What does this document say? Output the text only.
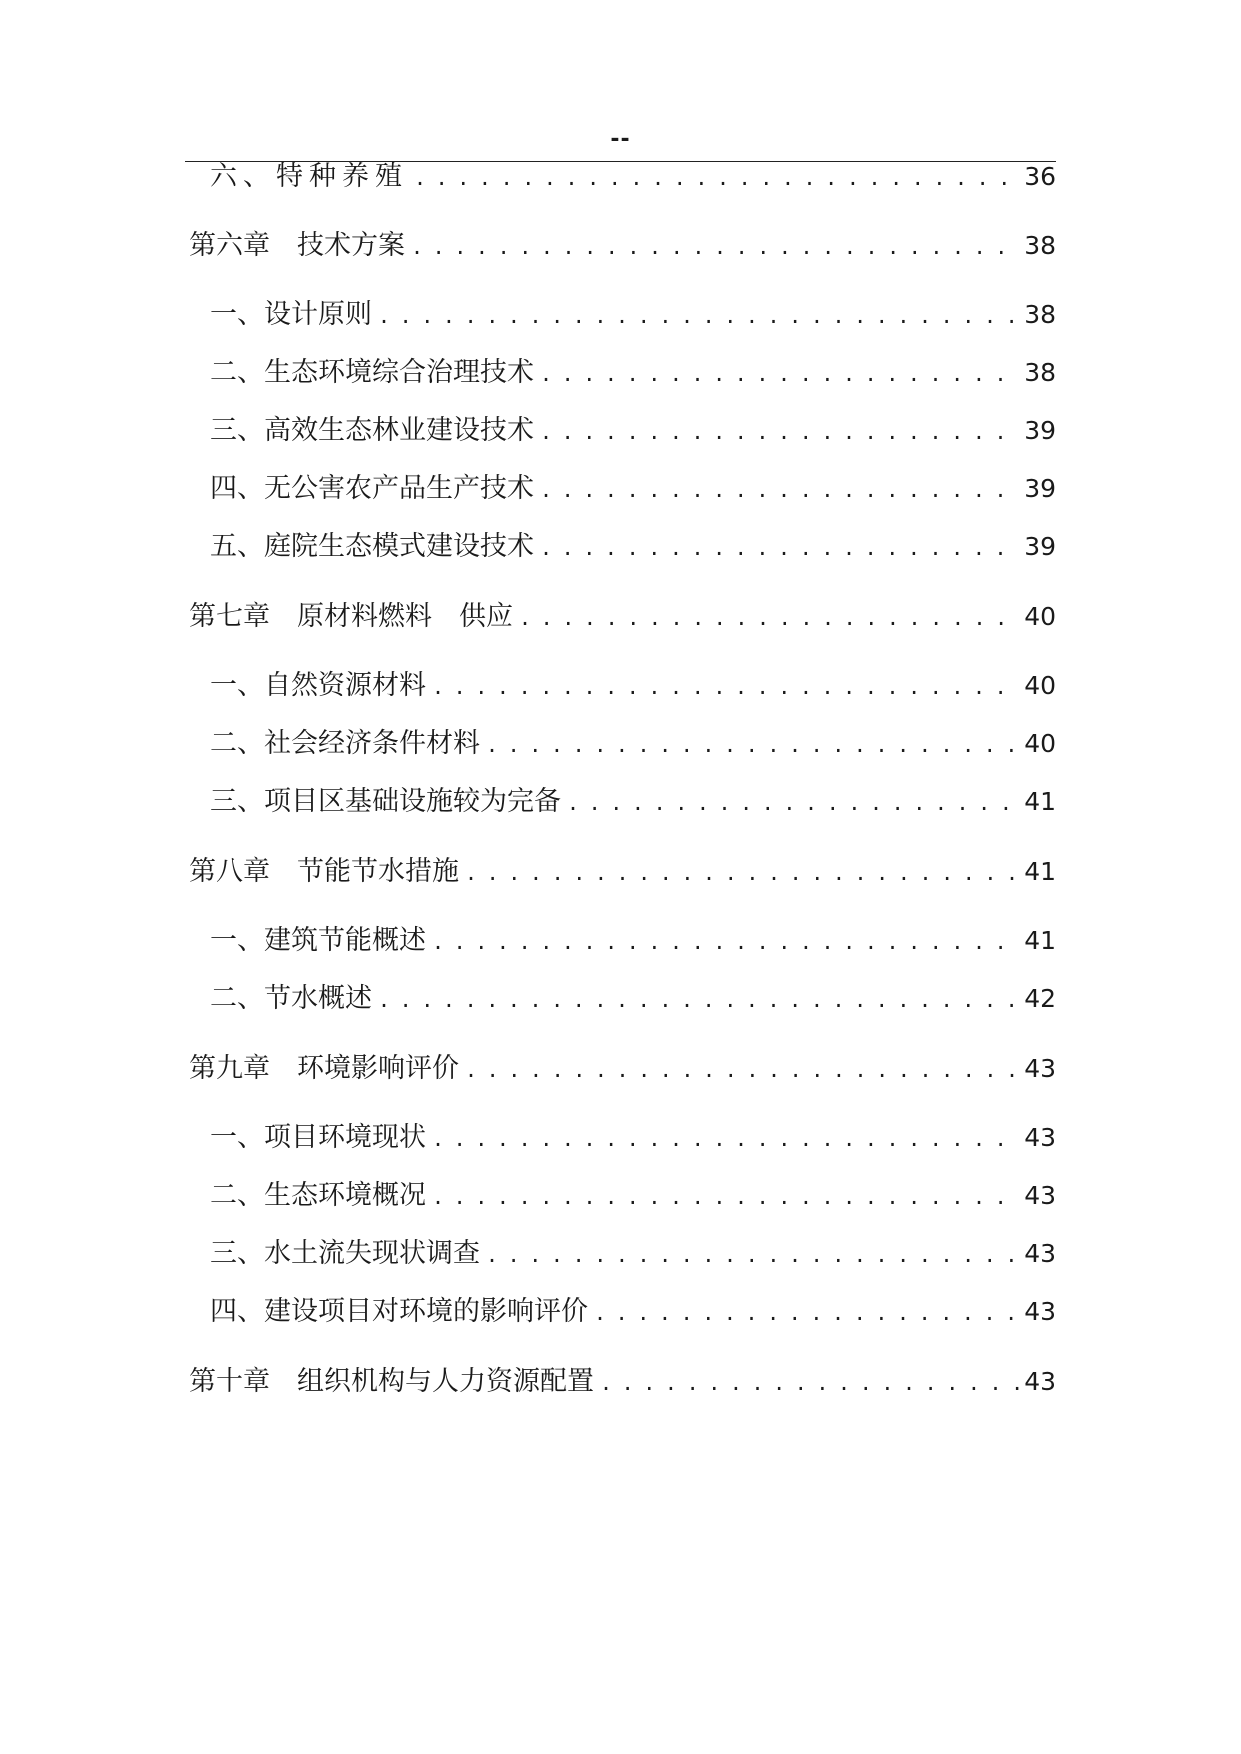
--
六、特种养殖 .....	36
第六章　技术方案 .....	38
一、设计原则 .....	38
二、生态环境综合治理技术 .....	38
三、高效生态林业建设技术 .....	39
四、无公害农产品生产技术 .....	39
五、庭院生态模式建设技术 .....	39
第七章　原材料燃料　供应 .....	40
一、自然资源材料 .....	40
二、社会经济条件材料 .....	40
三、项目区基础设施较为完备 .....	41
第八章　节能节水措施 .....	41
一、建筑节能概述 .....	41
二、节水概述 .....	42
第九章　环境影响评价 .....	43
一、项目环境现状 .....	43
二、生态环境概况 .....	43
三、水土流失现状调查 .....	43
四、建设项目对环境的影响评价 .....	43
第十章　组织机构与人力资源配置 .....	43
